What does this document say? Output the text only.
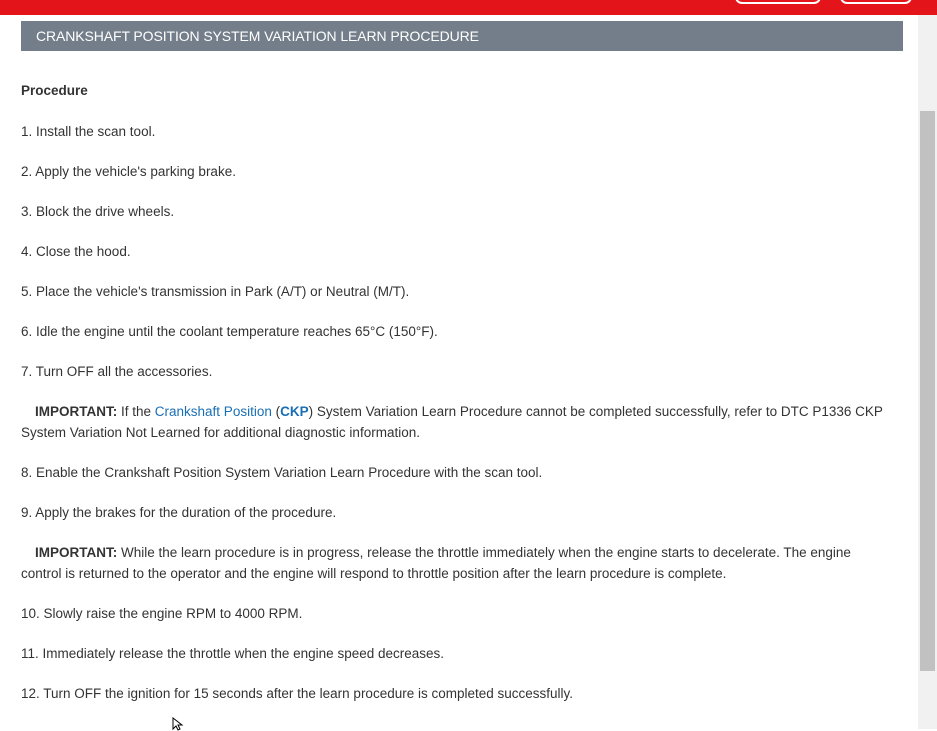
CRANKSHAFT POSITION SYSTEM VARIATION LEARN PROCEDURE
Procedure
1. Install the scan tool.
2. Apply the vehicle's parking brake.
3. Block the drive wheels.
4. Close the hood.
5. Place the vehicle's transmission in Park (A/T) or Neutral (M/T).
6. Idle the engine until the coolant temperature reaches 65°C (150°F).
7. Turn OFF all the accessories.
IMPORTANT: If the Crankshaft Position (CKP) System Variation Learn Procedure cannot be completed successfully, refer to DTC P1336 CKP System Variation Not Learned for additional diagnostic information.
8. Enable the Crankshaft Position System Variation Learn Procedure with the scan tool.
9. Apply the brakes for the duration of the procedure.
IMPORTANT: While the learn procedure is in progress, release the throttle immediately when the engine starts to decelerate. The engine control is returned to the operator and the engine will respond to throttle position after the learn procedure is complete.
10. Slowly raise the engine RPM to 4000 RPM.
11. Immediately release the throttle when the engine speed decreases.
12. Turn OFF the ignition for 15 seconds after the learn procedure is completed successfully.
